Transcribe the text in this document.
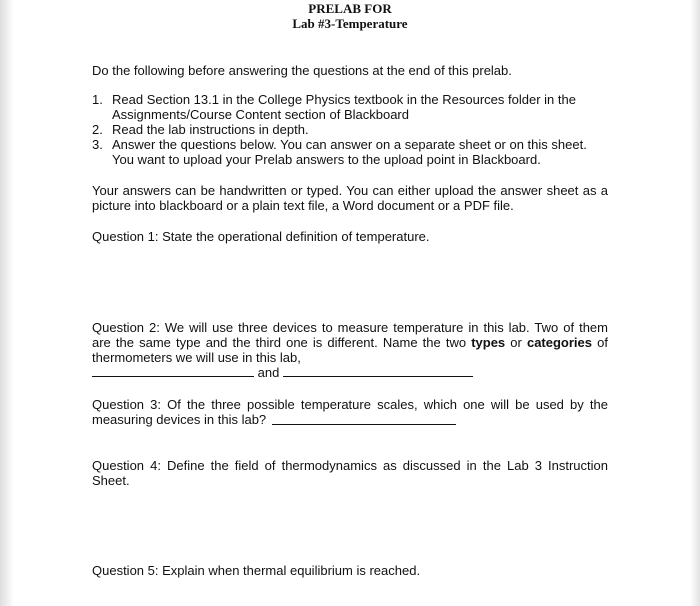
PRELAB FOR
Lab #3-Temperature

Do the following before answering the questions at the end of this prelab.

1. Read Section 13.1 in the College Physics textbook in the Resources folder in the Assignments/Course Content section of Blackboard

2. Read the lab instructions in depth.

3. Answer the questions below. You can answer on a separate sheet or on this sheet. You want to upload your Prelab answers to the upload point in Blackboard.

Your answers can be handwritten or typed. You can either upload the answer sheet as a picture into blackboard or a plain text file, a Word document or a PDF file.

Question 1: State the operational definition of temperature.

Question 2: We will use three devices to measure temperature in this lab. Two of them are the same type and the third one is different. Name the two types or categories of thermometers we will use in this lab,

and

Question 3: Of the three possible temperature scales, which one will be used by the measuring devices in this lab?

Question 4: Define the field of thermodynamics as discussed in the Lab 3 Instruction Sheet.

Question 5: Explain when thermal equilibrium is reached.
